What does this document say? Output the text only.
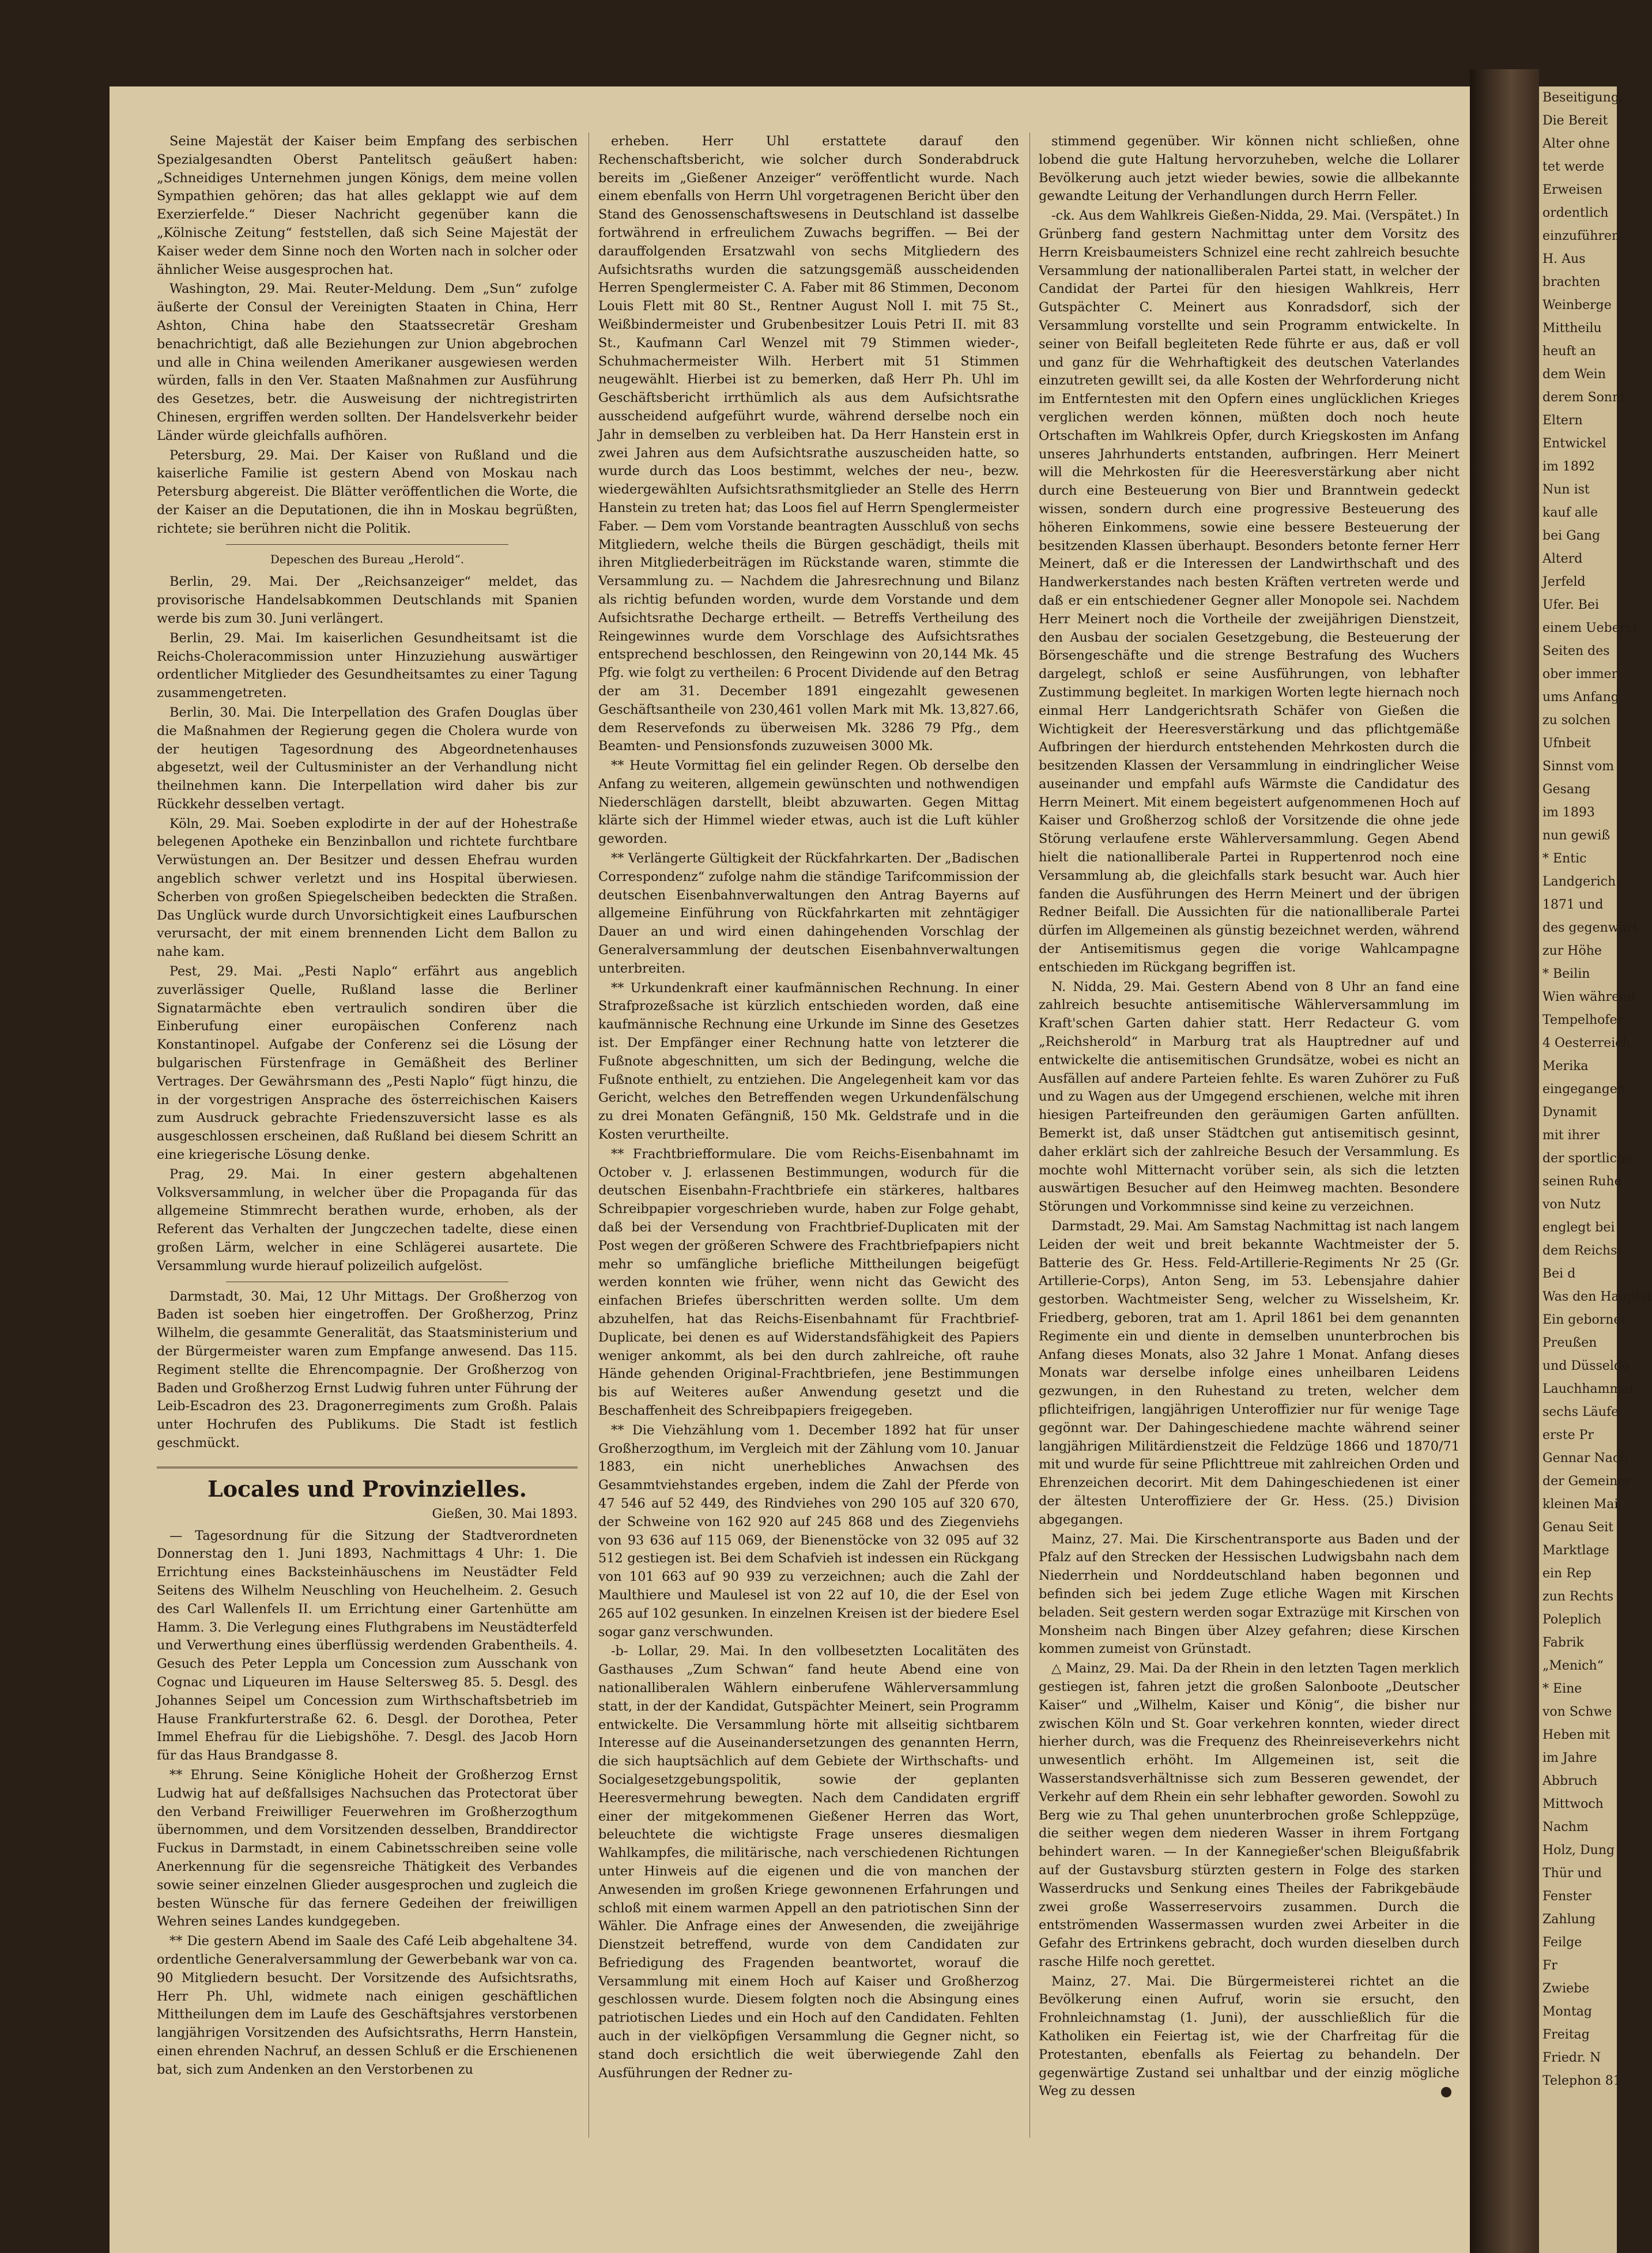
Seine Majestät der Kaiser beim Empfang des serbischen Spezialgesandten Oberst Pantelitsch geäußert haben: „Schneidiges Unternehmen jungen Königs, dem meine vollen Sympathien gehören; das hat alles geklappt wie auf dem Exerzierfelde.“ Dieser Nachricht gegenüber kann die „Kölnische Zeitung“ feststellen, daß sich Seine Majestät der Kaiser weder dem Sinne noch den Worten nach in solcher oder ähnlicher Weise ausgesprochen hat.

Washington, 29. Mai. Reuter-Meldung. Dem „Sun“ zufolge äußerte der Consul der Vereinigten Staaten in China, Herr Ashton, China habe den Staatssecretär Gresham benachrichtigt, daß alle Beziehungen zur Union abgebrochen und alle in China weilenden Amerikaner ausgewiesen werden würden, falls in den Ver. Staaten Maßnahmen zur Ausführung des Gesetzes, betr. die Ausweisung der nichtregistrirten Chinesen, ergriffen werden sollten. Der Handelsverkehr beider Länder würde gleichfalls aufhören.

Petersburg, 29. Mai. Der Kaiser von Rußland und die kaiserliche Familie ist gestern Abend von Moskau nach Petersburg abgereist. Die Blätter veröffentlichen die Worte, die der Kaiser an die Deputationen, die ihn in Moskau begrüßten, richtete; sie berühren nicht die Politik.

Depeschen des Bureau „Herold“.

Berlin, 29. Mai. Der „Reichsanzeiger“ meldet, das provisorische Handelsabkommen Deutschlands mit Spanien werde bis zum 30. Juni verlängert.

Berlin, 29. Mai. Im kaiserlichen Gesundheitsamt ist die Reichs-Choleracommission unter Hinzuziehung auswärtiger ordentlicher Mitglieder des Gesundheitsamtes zu einer Tagung zusammengetreten.

Berlin, 30. Mai. Die Interpellation des Grafen Douglas über die Maßnahmen der Regierung gegen die Cholera wurde von der heutigen Tagesordnung des Abgeordnetenhauses abgesetzt, weil der Cultusminister an der Verhandlung nicht theilnehmen kann. Die Interpellation wird daher bis zur Rückkehr desselben vertagt.

Köln, 29. Mai. Soeben explodirte in der auf der Hohestraße belegenen Apotheke ein Benzinballon und richtete furchtbare Verwüstungen an. Der Besitzer und dessen Ehefrau wurden angeblich schwer verletzt und ins Hospital überwiesen. Scherben von großen Spiegelscheiben bedeckten die Straßen. Das Unglück wurde durch Unvorsichtigkeit eines Laufburschen verursacht, der mit einem brennenden Licht dem Ballon zu nahe kam.

Pest, 29. Mai. „Pesti Naplo“ erfährt aus angeblich zuverlässiger Quelle, Rußland lasse die Berliner Signatarmächte eben vertraulich sondiren über die Einberufung einer europäischen Conferenz nach Konstantinopel. Aufgabe der Conferenz sei die Lösung der bulgarischen Fürstenfrage in Gemäßheit des Berliner Vertrages. Der Gewährsmann des „Pesti Naplo“ fügt hinzu, die in der vorgestrigen Ansprache des österreichischen Kaisers zum Ausdruck gebrachte Friedenszuversicht lasse es als ausgeschlossen erscheinen, daß Rußland bei diesem Schritt an eine kriegerische Lösung denke.

Prag, 29. Mai. In einer gestern abgehaltenen Volksversammlung, in welcher über die Propaganda für das allgemeine Stimmrecht berathen wurde, erhoben, als der Referent das Verhalten der Jungczechen tadelte, diese einen großen Lärm, welcher in eine Schlägerei ausartete. Die Versammlung wurde hierauf polizeilich aufgelöst.

Darmstadt, 30. Mai, 12 Uhr Mittags. Der Großherzog von Baden ist soeben hier eingetroffen. Der Großherzog, Prinz Wilhelm, die gesammte Generalität, das Staatsministerium und der Bürgermeister waren zum Empfange anwesend. Das 115. Regiment stellte die Ehrencompagnie. Der Großherzog von Baden und Großherzog Ernst Ludwig fuhren unter Führung der Leib-Escadron des 23. Dragonerregiments zum Großh. Palais unter Hochrufen des Publikums. Die Stadt ist festlich geschmückt.

Locales und Provinzielles.

Gießen, 30. Mai 1893.

— Tagesordnung für die Sitzung der Stadtverordneten Donnerstag den 1. Juni 1893, Nachmittags 4 Uhr: 1. Die Errichtung eines Backsteinhäuschens im Neustädter Feld Seitens des Wilhelm Neuschling von Heuchelheim. 2. Gesuch des Carl Wallenfels II. um Errichtung einer Gartenhütte am Hamm. 3. Die Verlegung eines Fluthgrabens im Neustädterfeld und Verwerthung eines überflüssig werdenden Grabentheils. 4. Gesuch des Peter Leppla um Concession zum Ausschank von Cognac und Liqueuren im Hause Seltersweg 85. 5. Desgl. des Johannes Seipel um Concession zum Wirthschaftsbetrieb im Hause Frankfurterstraße 62. 6. Desgl. der Dorothea, Peter Immel Ehefrau für die Liebigshöhe. 7. Desgl. des Jacob Horn für das Haus Brandgasse 8.

** Ehrung. Seine Königliche Hoheit der Großherzog Ernst Ludwig hat auf deßfallsiges Nachsuchen das Protectorat über den Verband Freiwilliger Feuerwehren im Großherzogthum übernommen, und dem Vorsitzenden desselben, Branddirector Fuckus in Darmstadt, in einem Cabinetsschreiben seine volle Anerkennung für die segensreiche Thätigkeit des Verbandes sowie seiner einzelnen Glieder ausgesprochen und zugleich die besten Wünsche für das fernere Gedeihen der freiwilligen Wehren seines Landes kundgegeben.

** Die gestern Abend im Saale des Café Leib abgehaltene 34. ordentliche Generalversammlung der Gewerbebank war von ca. 90 Mitgliedern besucht. Der Vorsitzende des Aufsichtsraths, Herr Ph. Uhl, widmete nach einigen geschäftlichen Mittheilungen dem im Laufe des Geschäftsjahres verstorbenen langjährigen Vorsitzenden des Aufsichtsraths, Herrn Hanstein, einen ehrenden Nachruf, an dessen Schluß er die Erschienenen bat, sich zum Andenken an den Verstorbenen zu

erheben. Herr Uhl erstattete darauf den Rechenschaftsbericht, wie solcher durch Sonderabdruck bereits im „Gießener Anzeiger“ veröffentlicht wurde. Nach einem ebenfalls von Herrn Uhl vorgetragenen Bericht über den Stand des Genossenschaftswesens in Deutschland ist dasselbe fortwährend in erfreulichem Zuwachs begriffen. — Bei der darauffolgenden Ersatzwahl von sechs Mitgliedern des Aufsichtsraths wurden die satzungsgemäß ausscheidenden Herren Spenglermeister C. A. Faber mit 86 Stimmen, Deconom Louis Flett mit 80 St., Rentner August Noll I. mit 75 St., Weißbindermeister und Grubenbesitzer Louis Petri II. mit 83 St., Kaufmann Carl Wenzel mit 79 Stimmen wieder-, Schuhmachermeister Wilh. Herbert mit 51 Stimmen neugewählt. Hierbei ist zu bemerken, daß Herr Ph. Uhl im Geschäftsbericht irrthümlich als aus dem Aufsichtsrathe ausscheidend aufgeführt wurde, während derselbe noch ein Jahr in demselben zu verbleiben hat. Da Herr Hanstein erst in zwei Jahren aus dem Aufsichtsrathe auszuscheiden hatte, so wurde durch das Loos bestimmt, welches der neu-, bezw. wiedergewählten Aufsichtsrathsmitglieder an Stelle des Herrn Hanstein zu treten hat; das Loos fiel auf Herrn Spenglermeister Faber. — Dem vom Vorstande beantragten Ausschluß von sechs Mitgliedern, welche theils die Bürgen geschädigt, theils mit ihren Mitgliederbeiträgen im Rückstande waren, stimmte die Versammlung zu. — Nachdem die Jahresrechnung und Bilanz als richtig befunden worden, wurde dem Vorstande und dem Aufsichtsrathe Decharge ertheilt. — Betreffs Vertheilung des Reingewinnes wurde dem Vorschlage des Aufsichtsrathes entsprechend beschlossen, den Reingewinn von 20,144 Mk. 45 Pfg. wie folgt zu vertheilen: 6 Procent Dividende auf den Betrag der am 31. December 1891 eingezahlt gewesenen Geschäftsantheile von 230,461 vollen Mark mit Mk. 13,827.66, dem Reservefonds zu überweisen Mk. 3286 79 Pfg., dem Beamten- und Pensionsfonds zuzuweisen 3000 Mk.

** Heute Vormittag fiel ein gelinder Regen. Ob derselbe den Anfang zu weiteren, allgemein gewünschten und nothwendigen Niederschlägen darstellt, bleibt abzuwarten. Gegen Mittag klärte sich der Himmel wieder etwas, auch ist die Luft kühler geworden.

** Verlängerte Gültigkeit der Rückfahrkarten. Der „Badischen Correspondenz“ zufolge nahm die ständige Tarifcommission der deutschen Eisenbahnverwaltungen den Antrag Bayerns auf allgemeine Einführung von Rückfahrkarten mit zehntägiger Dauer an und wird einen dahingehenden Vorschlag der Generalversammlung der deutschen Eisenbahnverwaltungen unterbreiten.

** Urkundenkraft einer kaufmännischen Rechnung. In einer Strafprozeßsache ist kürzlich entschieden worden, daß eine kaufmännische Rechnung eine Urkunde im Sinne des Gesetzes ist. Der Empfänger einer Rechnung hatte von letzterer die Fußnote abgeschnitten, um sich der Bedingung, welche die Fußnote enthielt, zu entziehen. Die Angelegenheit kam vor das Gericht, welches den Betreffenden wegen Urkundenfälschung zu drei Monaten Gefängniß, 150 Mk. Geldstrafe und in die Kosten verurtheilte.

** Frachtbriefformulare. Die vom Reichs-Eisenbahnamt im October v. J. erlassenen Bestimmungen, wodurch für die deutschen Eisenbahn-Frachtbriefe ein stärkeres, haltbares Schreibpapier vorgeschrieben wurde, haben zur Folge gehabt, daß bei der Versendung von Frachtbrief-Duplicaten mit der Post wegen der größeren Schwere des Frachtbriefpapiers nicht mehr so umfängliche briefliche Mittheilungen beigefügt werden konnten wie früher, wenn nicht das Gewicht des einfachen Briefes überschritten werden sollte. Um dem abzuhelfen, hat das Reichs-Eisenbahnamt für Frachtbrief-Duplicate, bei denen es auf Widerstandsfähigkeit des Papiers weniger ankommt, als bei den durch zahlreiche, oft rauhe Hände gehenden Original-Frachtbriefen, jene Bestimmungen bis auf Weiteres außer Anwendung gesetzt und die Beschaffenheit des Schreibpapiers freigegeben.

** Die Viehzählung vom 1. December 1892 hat für unser Großherzogthum, im Vergleich mit der Zählung vom 10. Januar 1883, ein nicht unerhebliches Anwachsen des Gesammtviehstandes ergeben, indem die Zahl der Pferde von 47 546 auf 52 449, des Rindviehes von 290 105 auf 320 670, der Schweine von 162 920 auf 245 868 und des Ziegenviehs von 93 636 auf 115 069, der Bienenstöcke von 32 095 auf 32 512 gestiegen ist. Bei dem Schafvieh ist indessen ein Rückgang von 101 663 auf 90 939 zu verzeichnen; auch die Zahl der Maulthiere und Maulesel ist von 22 auf 10, die der Esel von 265 auf 102 gesunken. In einzelnen Kreisen ist der biedere Esel sogar ganz verschwunden.

-b- Lollar, 29. Mai. In den vollbesetzten Localitäten des Gasthauses „Zum Schwan“ fand heute Abend eine von nationalliberalen Wählern einberufene Wählerversammlung statt, in der der Kandidat, Gutspächter Meinert, sein Programm entwickelte. Die Versammlung hörte mit allseitig sichtbarem Interesse auf die Auseinandersetzungen des genannten Herrn, die sich hauptsächlich auf dem Gebiete der Wirthschafts- und Socialgesetzgebungspolitik, sowie der geplanten Heeresvermehrung bewegten. Nach dem Candidaten ergriff einer der mitgekommenen Gießener Herren das Wort, beleuchtete die wichtigste Frage unseres diesmaligen Wahlkampfes, die militärische, nach verschiedenen Richtungen unter Hinweis auf die eigenen und die von manchen der Anwesenden im großen Kriege gewonnenen Erfahrungen und schloß mit einem warmen Appell an den patriotischen Sinn der Wähler. Die Anfrage eines der Anwesenden, die zweijährige Dienstzeit betreffend, wurde von dem Candidaten zur Befriedigung des Fragenden beantwortet, worauf die Versammlung mit einem Hoch auf Kaiser und Großherzog geschlossen wurde. Diesem folgten noch die Absingung eines patriotischen Liedes und ein Hoch auf den Candidaten. Fehlten auch in der vielköpfigen Versammlung die Gegner nicht, so stand doch ersichtlich die weit überwiegende Zahl den Ausführungen der Redner zu-

stimmend gegenüber. Wir können nicht schließen, ohne lobend die gute Haltung hervorzuheben, welche die Lollarer Bevölkerung auch jetzt wieder bewies, sowie die allbekannte gewandte Leitung der Verhandlungen durch Herrn Feller.

-ck. Aus dem Wahlkreis Gießen-Nidda, 29. Mai. (Verspätet.) In Grünberg fand gestern Nachmittag unter dem Vorsitz des Herrn Kreisbaumeisters Schnizel eine recht zahlreich besuchte Versammlung der nationalliberalen Partei statt, in welcher der Candidat der Partei für den hiesigen Wahlkreis, Herr Gutspächter C. Meinert aus Konradsdorf, sich der Versammlung vorstellte und sein Programm entwickelte. In seiner von Beifall begleiteten Rede führte er aus, daß er voll und ganz für die Wehrhaftigkeit des deutschen Vaterlandes einzutreten gewillt sei, da alle Kosten der Wehrforderung nicht im Entferntesten mit den Opfern eines unglücklichen Krieges verglichen werden können, müßten doch noch heute Ortschaften im Wahlkreis Opfer, durch Kriegskosten im Anfang unseres Jahrhunderts entstanden, aufbringen. Herr Meinert will die Mehrkosten für die Heeresverstärkung aber nicht durch eine Besteuerung von Bier und Branntwein gedeckt wissen, sondern durch eine progressive Besteuerung des höheren Einkommens, sowie eine bessere Besteuerung der besitzenden Klassen überhaupt. Besonders betonte ferner Herr Meinert, daß er die Interessen der Landwirthschaft und des Handwerkerstandes nach besten Kräften vertreten werde und daß er ein entschiedener Gegner aller Monopole sei. Nachdem Herr Meinert noch die Vortheile der zweijährigen Dienstzeit, den Ausbau der socialen Gesetzgebung, die Besteuerung der Börsengeschäfte und die strenge Bestrafung des Wuchers dargelegt, schloß er seine Ausführungen, von lebhafter Zustimmung begleitet. In markigen Worten legte hiernach noch einmal Herr Landgerichtsrath Schäfer von Gießen die Wichtigkeit der Heeresverstärkung und das pflichtgemäße Aufbringen der hierdurch entstehenden Mehrkosten durch die besitzenden Klassen der Versammlung in eindringlicher Weise auseinander und empfahl aufs Wärmste die Candidatur des Herrn Meinert. Mit einem begeistert aufgenommenen Hoch auf Kaiser und Großherzog schloß der Vorsitzende die ohne jede Störung verlaufene erste Wählerversammlung. Gegen Abend hielt die nationalliberale Partei in Ruppertenrod noch eine Versammlung ab, die gleichfalls stark besucht war. Auch hier fanden die Ausführungen des Herrn Meinert und der übrigen Redner Beifall. Die Aussichten für die nationalliberale Partei dürfen im Allgemeinen als günstig bezeichnet werden, während der Antisemitismus gegen die vorige Wahlcampagne entschieden im Rückgang begriffen ist.

N. Nidda, 29. Mai. Gestern Abend von 8 Uhr an fand eine zahlreich besuchte antisemitische Wählerversammlung im Kraft'schen Garten dahier statt. Herr Redacteur G. vom „Reichsherold“ in Marburg trat als Hauptredner auf und entwickelte die antisemitischen Grundsätze, wobei es nicht an Ausfällen auf andere Parteien fehlte. Es waren Zuhörer zu Fuß und zu Wagen aus der Umgegend erschienen, welche mit ihren hiesigen Parteifreunden den geräumigen Garten anfüllten. Bemerkt ist, daß unser Städtchen gut antisemitisch gesinnt, daher erklärt sich der zahlreiche Besuch der Versammlung. Es mochte wohl Mitternacht vorüber sein, als sich die letzten auswärtigen Besucher auf den Heimweg machten. Besondere Störungen und Vorkommnisse sind keine zu verzeichnen.

Darmstadt, 29. Mai. Am Samstag Nachmittag ist nach langem Leiden der weit und breit bekannte Wachtmeister der 5. Batterie des Gr. Hess. Feld-Artillerie-Regiments Nr 25 (Gr. Artillerie-Corps), Anton Seng, im 53. Lebensjahre dahier gestorben. Wachtmeister Seng, welcher zu Wisselsheim, Kr. Friedberg, geboren, trat am 1. April 1861 bei dem genannten Regimente ein und diente in demselben ununterbrochen bis Anfang dieses Monats, also 32 Jahre 1 Monat. Anfang dieses Monats war derselbe infolge eines unheilbaren Leidens gezwungen, in den Ruhestand zu treten, welcher dem pflichteifrigen, langjährigen Unteroffizier nur für wenige Tage gegönnt war. Der Dahingeschiedene machte während seiner langjährigen Militärdienstzeit die Feldzüge 1866 und 1870/71 mit und wurde für seine Pflichttreue mit zahlreichen Orden und Ehrenzeichen decorirt. Mit dem Dahingeschiedenen ist einer der ältesten Unteroffiziere der Gr. Hess. (25.) Division abgegangen.

Mainz, 27. Mai. Die Kirschentransporte aus Baden und der Pfalz auf den Strecken der Hessischen Ludwigsbahn nach dem Niederrhein und Norddeutschland haben begonnen und befinden sich bei jedem Zuge etliche Wagen mit Kirschen beladen. Seit gestern werden sogar Extrazüge mit Kirschen von Monsheim nach Bingen über Alzey gefahren; diese Kirschen kommen zumeist von Grünstadt.

△ Mainz, 29. Mai. Da der Rhein in den letzten Tagen merklich gestiegen ist, fahren jetzt die großen Salonboote „Deutscher Kaiser“ und „Wilhelm, Kaiser und König“, die bisher nur zwischen Köln und St. Goar verkehren konnten, wieder direct hierher durch, was die Frequenz des Rheinreiseverkehrs nicht unwesentlich erhöht. Im Allgemeinen ist, seit die Wasserstandsverhältnisse sich zum Besseren gewendet, der Verkehr auf dem Rhein ein sehr lebhafter geworden. Sowohl zu Berg wie zu Thal gehen ununterbrochen große Schleppzüge, die seither wegen dem niederen Wasser in ihrem Fortgang behindert waren. — In der Kannegießer'schen Bleigußfabrik auf der Gustavsburg stürzten gestern in Folge des starken Wasserdrucks und Senkung eines Theiles der Fabrikgebäude zwei große Wasserreservoirs zusammen. Durch die entströmenden Wassermassen wurden zwei Arbeiter in die Gefahr des Ertrinkens gebracht, doch wurden dieselben durch rasche Hilfe noch gerettet.

Mainz, 27. Mai. Die Bürgermeisterei richtet an die Bevölkerung einen Aufruf, worin sie ersucht, den Frohnleichnamstag (1. Juni), der ausschließlich für die Katholiken ein Feiertag ist, wie der Charfreitag für die Protestanten, ebenfalls als Feiertag zu behandeln. Der gegenwärtige Zustand sei unhaltbar und der einzig mögliche Weg zu dessen

Beseitigung.
Die Bereit
Alter ohne
tet werde
Erweisen
ordentlich
einzuführen
H. Aus
brachten
Weinberge
Mittheilu
heuft an
dem Wein
derem Sonnt
Eltern
Entwickel
im 1892
Nun ist
kauf alle
bei Gang
Alterd
Jerfeld
Ufer. Bei
einem Ueberst
Seiten des
ober immer
ums Anfang
zu solchen
Ufnbeit
Sinnst vom
Gesang
im 1893
nun gewiß
* Entic
Landgerich
1871 und
des gegenwärt
zur Höhe
* Beilin
Wien während
Tempelhofer
4 Oesterreich
Merika
eingegangen
Dynamit
mit ihrer
der sportliche
seinen Ruhe
von Nutz
englegt bei
dem Reichst
Bei d
Was den Hauptst
Ein geborner
Preußen
und Düsseldo
Lauchhammer
sechs Läufe
erste Pr
Gennar Nach
der Gemeiner
kleinen Mai
Genau Seit
Marktlage
ein Rep
zun Rechts
Poleplich
Fabrik
„Menich“
* Eine
von Schwe
Heben mit
im Jahre
Abbruch
Mittwoch
Nachm
Holz, Dung
Thür und
Fenster
Zahlung
Feilge
Fr
Zwiebe
Montag
Freitag
Friedr. N
Telephon 81
